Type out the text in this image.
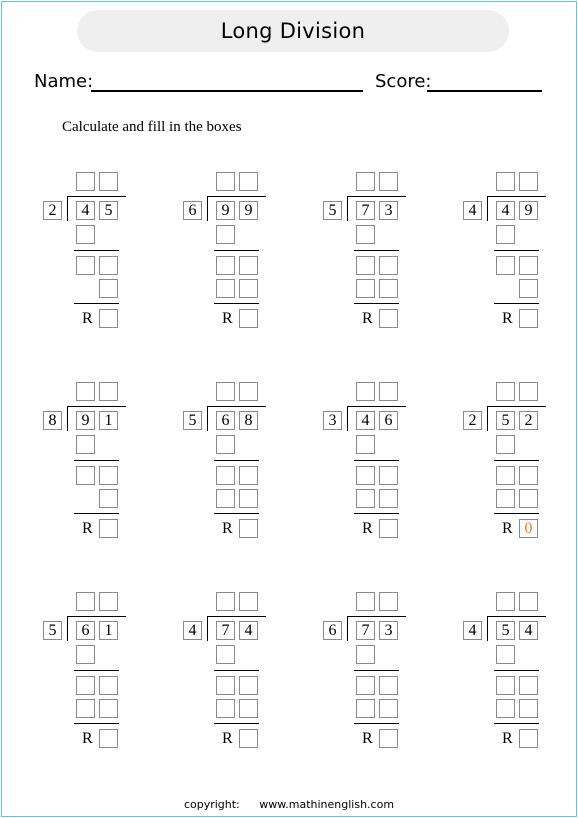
Long Division
Name:	Score:
Calculate and fill in the boxes
2	4 5
R
6	9 9
R
5	7 3
R
4	4 9
R
8	9 1
R
5	6 8
R
3	4 6
R
2	5 2
R 0
5	6 1
R
4	7 4
R
6	7 3
R
4	5 4
R
copyright: www.mathinenglish.com
